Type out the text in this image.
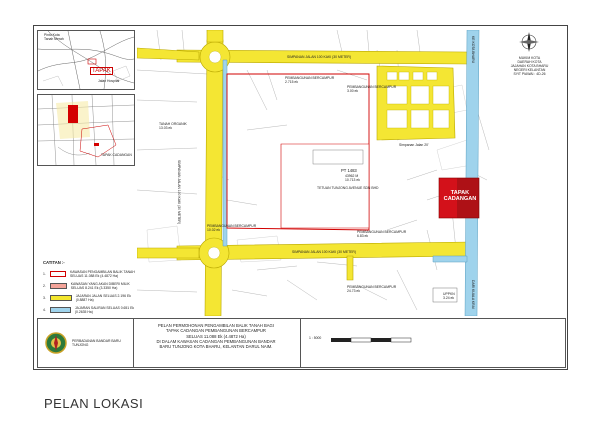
Pintu Kota
Tanah Merah
TAPAK
Jalan Hospital
TAPAK CADANGAN
SIMPANAN JALAN 100 KAKI (30 METER)
SIMPANAN JALAN 100 KAKI (30 METER)
SIMPANAN JALAN 100 KAKI (30 METER)
KE KOTA BHARU
DARI KUALA KRAI
PT 1483
43962 M
10.713 ek
TETUAN TUNJONG AVENUE SDN BHD
TAPAK
CADANGAN
PEMBANGUNAN BERCAMPUR
2.715 ek
PEMBANGUNAN BERCAMPUR
3.00 ek
TANAH ORGANIK
13.03 ek
PEMBANGUNAN BERCAMPUR
10.02 ek	PEMBANGUNAN BERCAMPUR
6.83 ek
PEMBANGUNAN BERCAMPUR
24.73 ek
UPPKN
3.24 ek
Simpanan Jalan 20'
MUKIM KOTA
DAERAH KOTA
JAJAHAN KOTA BHARU
NEGERI KELANTAN
SYIT PIAWAI : 4D-26
CATITAN :-
1.
KAWASAN PENGAMBILAN BALIK TANAH SELUAS 11.088 Ek (4.4872 Ha)
2.
KAWASAN YANG AKAN DIBERI MILIK SELUAS 8.241 Ek (3.3350 Ha)
3.
JAJARAN JALAN SELUAS 2.196 Ek (0.8887 Ha)
4.
JAJARAN SALIRAN SELUAS 0.651 Ek (0.2635 Ha)
PERBADANAN BANDAR BARU TUNJONG
PELAN PERMOHONAN PENGAMBILAN BALIK TANAH BAGI
TAPAK CADANGAN PEMBANGUNAN BERCAMPUR
SELUAS 11.088 Ek (4.4872 Ha)
DI DALAM KAWASAN CADANGAN PEMBANGUNAN BANDAR
BARU TUNJONG KOTA BHARU, KELANTAN DARUL NAIM.
1 : 5000
PELAN LOKASI
